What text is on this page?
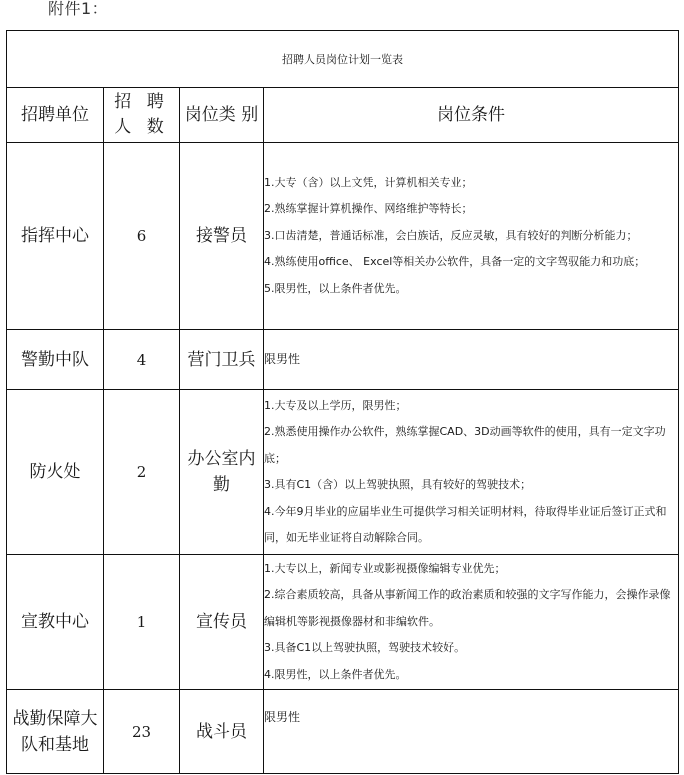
附件1：
招聘人员岗位计划一览表			
招聘单位	招 聘 人 数	岗位类 别	岗位条件
指挥中心	6	接警员	1.大专（含）以上文凭，计算机相关专业；
2.熟练掌握计算机操作、网络维护等特长；
3.口齿清楚，普通话标准，会白族话，反应灵敏，具有较好的判断分析能力；
4.熟练使用office、 Excel等相关办公软件，具备一定的文字驾驭能力和功底；
5.限男性，以上条件者优先。

警勤中队	4	营门卫兵	限男性

防火处	2	办公室内勤	1.大专及以上学历，限男性；
2.熟悉使用操作办公软件，熟练掌握CAD、3D动画等软件的使用，具有一定文字功底；
3.具有C1（含）以上驾驶执照，具有较好的驾驶技术；
4.今年9月毕业的应届毕业生可提供学习相关证明材料，待取得毕业证后签订正式和同，如无毕业证将自动解除合同。

宣教中心	1	宣传员	1.大专以上，新闻专业或影视摄像编辑专业优先；
2.综合素质较高，具备从事新闻工作的政治素质和较强的文字写作能力，会操作录像编辑机等影视摄像器材和非编软件。
3.具备C1以上驾驶执照，驾驶技术较好。
4.限男性，以上条件者优先。

战勤保障大队和基地	23	战斗员	限男性
